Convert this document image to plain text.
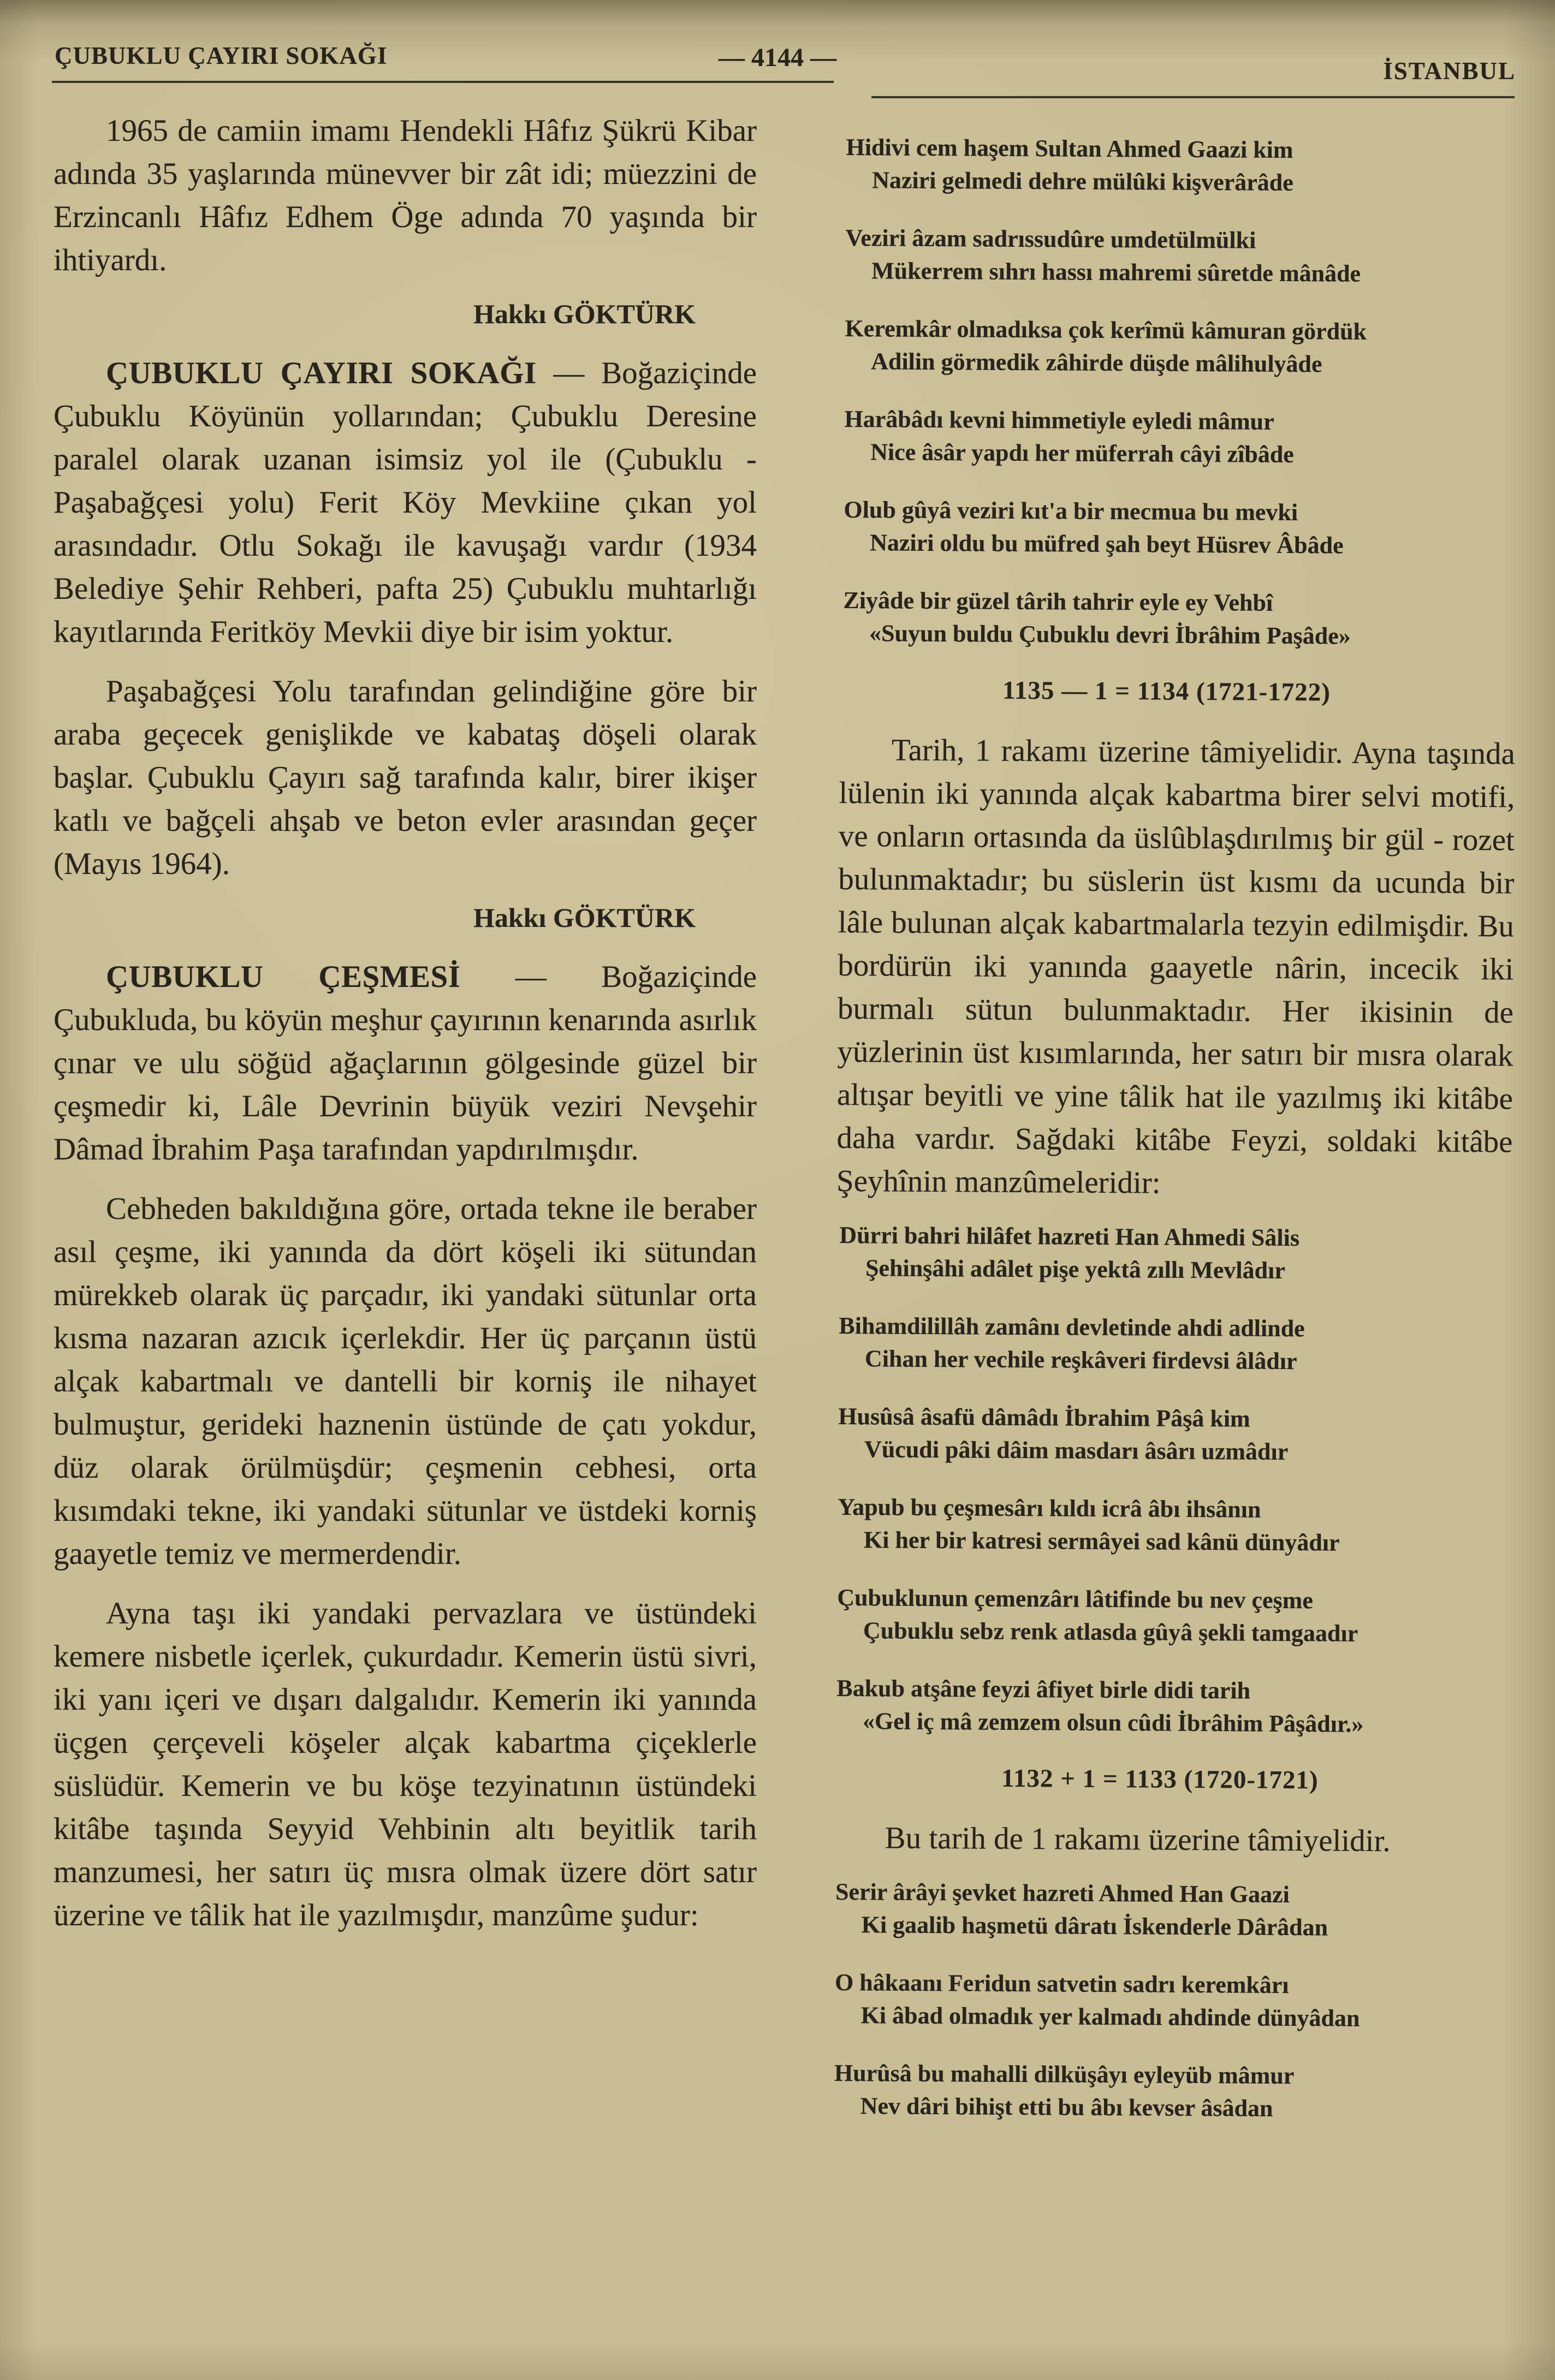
ÇUBUKLU ÇAYIRI SOKAĞI	— 4144 —	İSTANBUL

1965 de camiin imamı Hendekli Hâfız Şükrü Kibar adında 35 yaşlarında münevver bir zât idi; müezzini de Erzincanlı Hâfız Edhem Öge adında 70 yaşında bir ihtiyardı.

Hakkı GÖKTÜRK

ÇUBUKLU ÇAYIRI SOKAĞI — Boğaziçinde Çubuklu Köyünün yollarından; Çubuklu Deresine paralel olarak uzanan isimsiz yol ile (Çubuklu - Paşabağçesi yolu) Ferit Köy Mevkiine çıkan yol arasındadır. Otlu Sokağı ile kavuşağı vardır (1934 Belediye Şehir Rehberi, pafta 25) Çubuklu muhtarlığı kayıtlarında Feritköy Mevkii diye bir isim yoktur.

Paşabağçesi Yolu tarafından gelindiğine göre bir araba geçecek genişlikde ve kabataş döşeli olarak başlar. Çubuklu Çayırı sağ tarafında kalır, birer ikişer katlı ve bağçeli ahşab ve beton evler arasından geçer (Mayıs 1964).

Hakkı GÖKTÜRK

ÇUBUKLU ÇEŞMESİ — Boğaziçinde Çubukluda, bu köyün meşhur çayırının kenarında asırlık çınar ve ulu söğüd ağaçlarının gölgesinde güzel bir çeşmedir ki, Lâle Devrinin büyük veziri Nevşehir Dâmad İbrahim Paşa tarafından yapdırılmışdır.

Cebheden bakıldığına göre, ortada tekne ile beraber asıl çeşme, iki yanında da dört köşeli iki sütundan mürekkeb olarak üç parçadır, iki yandaki sütunlar orta kısma nazaran azıcık içerlekdir. Her üç parçanın üstü alçak kabartmalı ve dantelli bir korniş ile nihayet bulmuştur, gerideki haznenin üstünde de çatı yokdur, düz olarak örülmüşdür; çeşmenin cebhesi, orta kısımdaki tekne, iki yandaki sütunlar ve üstdeki korniş gaayetle temiz ve mermerdendir.

Ayna taşı iki yandaki pervazlara ve üstündeki kemere nisbetle içerlek, çukurdadır. Kemerin üstü sivri, iki yanı içeri ve dışarı dalgalıdır. Kemerin iki yanında üçgen çerçeveli köşeler alçak kabartma çiçeklerle süslüdür. Kemerin ve bu köşe tezyinatının üstündeki kitâbe taşında Seyyid Vehbinin altı beyitlik tarih manzumesi, her satırı üç mısra olmak üzere dört satır üzerine ve tâlik hat ile yazılmışdır, manzûme şudur:

Hidivi cem haşem Sultan Ahmed Gaazi kim
Naziri gelmedi dehre mülûki kişverârâde
Veziri âzam sadrıssudûre umdetülmülki
Mükerrem sıhrı hassı mahremi sûretde mânâde
Keremkâr olmadıksa çok kerîmü kâmuran gördük
Adilin görmedik zâhirde düşde mâlihulyâde
Harâbâdı kevni himmetiyle eyledi mâmur
Nice âsâr yapdı her müferrah câyi zîbâde
Olub gûyâ veziri kıt'a bir mecmua bu mevki
Naziri oldu bu müfred şah beyt Hüsrev Âbâde
Ziyâde bir güzel târih tahrir eyle ey Vehbî
«Suyun buldu Çubuklu devri İbrâhim Paşâde»

1135 — 1 = 1134 (1721-1722)

Tarih, 1 rakamı üzerine tâmiyelidir. Ayna taşında lülenin iki yanında alçak kabartma birer selvi motifi, ve onların ortasında da üslûblaşdırılmış bir gül - rozet bulunmaktadır; bu süslerin üst kısmı da ucunda bir lâle bulunan alçak kabartmalarla tezyin edilmişdir. Bu bordürün iki yanında gaayetle nârin, incecik iki burmalı sütun bulunmaktadır. Her ikisinin de yüzlerinin üst kısımlarında, her satırı bir mısra olarak altışar beyitli ve yine tâlik hat ile yazılmış iki kitâbe daha vardır. Sağdaki kitâbe Feyzi, soldaki kitâbe Şeyhînin manzûmeleridir:

Dürri bahri hilâfet hazreti Han Ahmedi Sâlis
Şehinşâhi adâlet pişe yektâ zıllı Mevlâdır
Bihamdilillâh zamânı devletinde ahdi adlinde
Cihan her vechile reşkâveri firdevsi âlâdır
Husûsâ âsafü dâmâdı İbrahim Pâşâ kim
Vücudi pâki dâim masdarı âsârı uzmâdır
Yapub bu çeşmesârı kıldı icrâ âbı ihsânın
Ki her bir katresi sermâyei sad kânü dünyâdır
Çubuklunun çemenzârı lâtifinde bu nev çeşme
Çubuklu sebz renk atlasda gûyâ şekli tamgaadır
Bakub atşâne feyzi âfiyet birle didi tarih
«Gel iç mâ zemzem olsun cûdi İbrâhim Pâşâdır.»

1132 + 1 = 1133 (1720-1721)

Bu tarih de 1 rakamı üzerine tâmiyelidir.

Serir ârâyi şevket hazreti Ahmed Han Gaazi
Ki gaalib haşmetü dâratı İskenderle Dârâdan
O hâkaanı Feridun satvetin sadrı keremkârı
Ki âbad olmadık yer kalmadı ahdinde dünyâdan
Hurûsâ bu mahalli dilküşâyı eyleyüb mâmur
Nev dâri bihişt etti bu âbı kevser âsâdan
